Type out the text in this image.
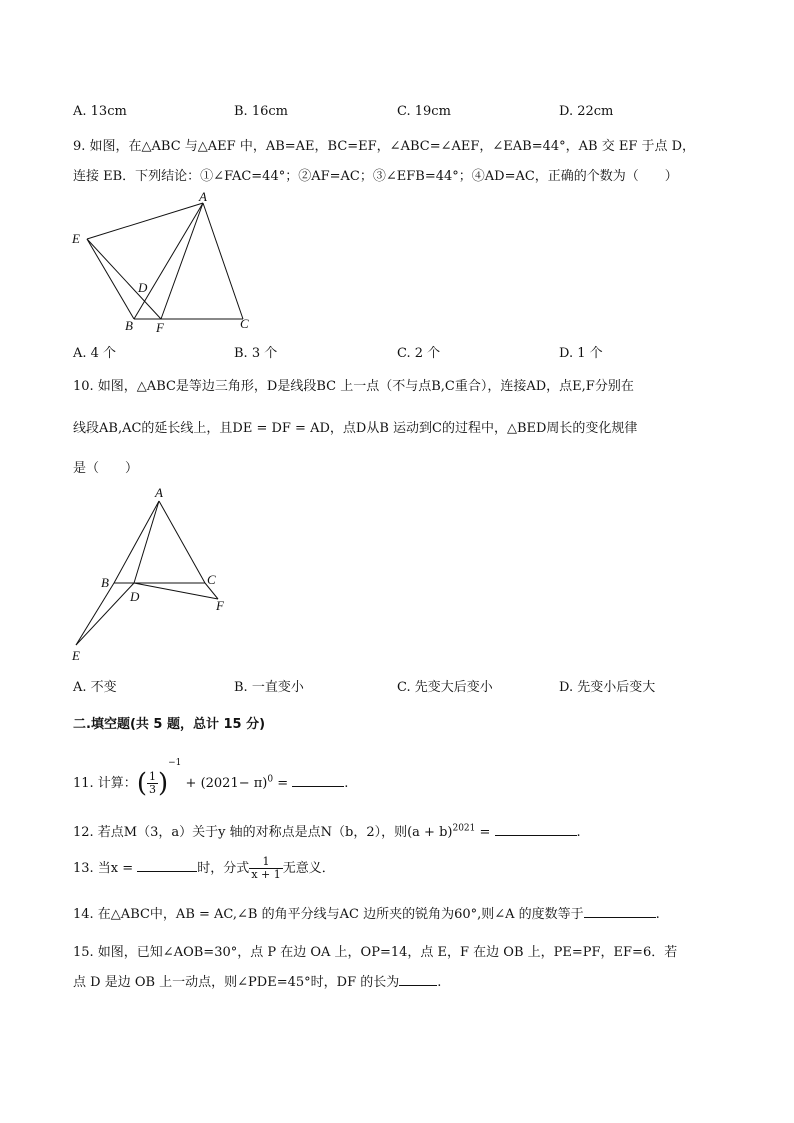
A. 13cm	B. 16cm	C. 19cm	D. 22cm
9. 如图，在△ABC 与△AEF 中，AB=AE，BC=EF，∠ABC=∠AEF，∠EAB=44°，AB 交 EF 于点 D，
连接 EB．下列结论：①∠FAC=44°；②AF=AC；③∠EFB=44°；④AD=AC，正确的个数为（　　）
A
E
D
B F	C
A. 4 个	B. 3 个	C. 2 个	D. 1 个
10. 如图，△ABC是等边三角形，D是线段BC 上一点（不与点B,C重合），连接AD，点E,F分别在
线段AB,AC的延长线上，且DE = DF = AD，点D从B 运动到C的过程中，△BED周长的变化规律
是（　　）
A
B	C
D
F
E
A. 不变	B. 一直变小	C. 先变大后变小	D. 先变小后变大
二.填空题(共 5 题，总计 15 分)
11. 计算：( $\frac{1}{3} )^{-1} + (2021- \pi)^0$ =	.
12. 若点M（3，a）关于y 轴的对称点是点N（b，2），则$(a + b)^{2021}$ =	.
13. 当x =	时，分式 $\frac{1}{x + 1}$ 无意义．
14. 在△ABC中，AB = AC,∠B 的角平分线与AC 边所夹的锐角为60°,则∠A 的度数等于	.
15. 如图，已知∠AOB=30°，点 P 在边 OA 上，OP=14，点 E，F 在边 OB 上，PE=PF，EF=6．若
点 D 是边 OB 上一动点，则∠PDE=45°时，DF 的长为	.
